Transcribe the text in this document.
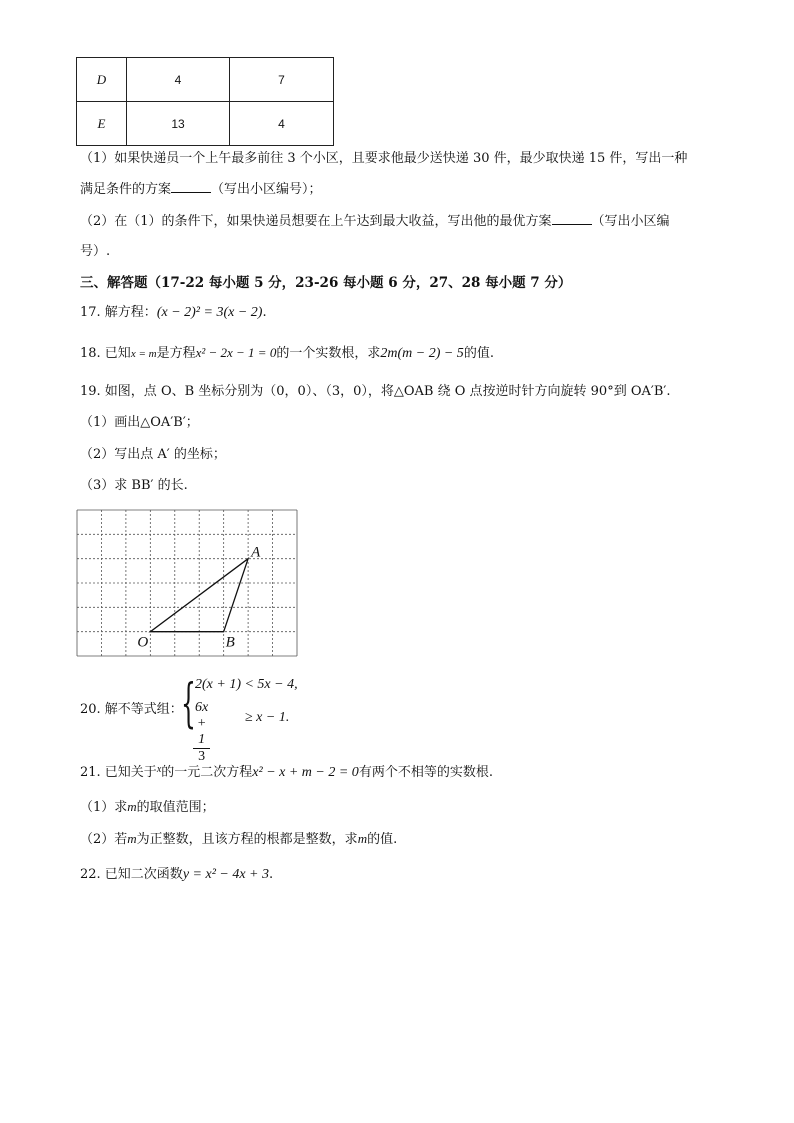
D	4	7
E	13	4
（1）如果快递员一个上午最多前往 3 个小区，且要求他最少送快递 30 件，最少取快递 15 件，写出一种
满足条件的方案	（写出小区编号）；
（2）在（1）的条件下，如果快递员想要在上午达到最大收益，写出他的最优方案	（写出小区编
号）.
三、解答题（17-22 每小题 5 分，23-26 每小题 6 分，27、28 每小题 7 分）
17. 解方程：(x − 2)² = 3(x − 2).
18. 已知x = m是方程x² − 2x − 1 = 0的一个实数根，求2m(m − 2) − 5的值.
19. 如图，点 O、B 坐标分别为（0，0）、（3，0），将△OAB 绕 O 点按逆时针方向旋转 90°到 OA′B′.
（1）画出△OA′B′；
（2）写出点 A′ 的坐标；
（3）求 BB′ 的长.
A
O	B
20. 解不等式组：
{ 2(x + 1) < 5x − 4,
$\frac{6x + 1}{3} \ge x - 1$.
21. 已知关于$^x$的一元二次方程x² − x + m − 2 = 0有两个不相等的实数根.
（1）求m的取值范围；
（2）若m为正整数，且该方程的根都是整数，求m的值.
22. 已知二次函数y = x² − 4x + 3.
